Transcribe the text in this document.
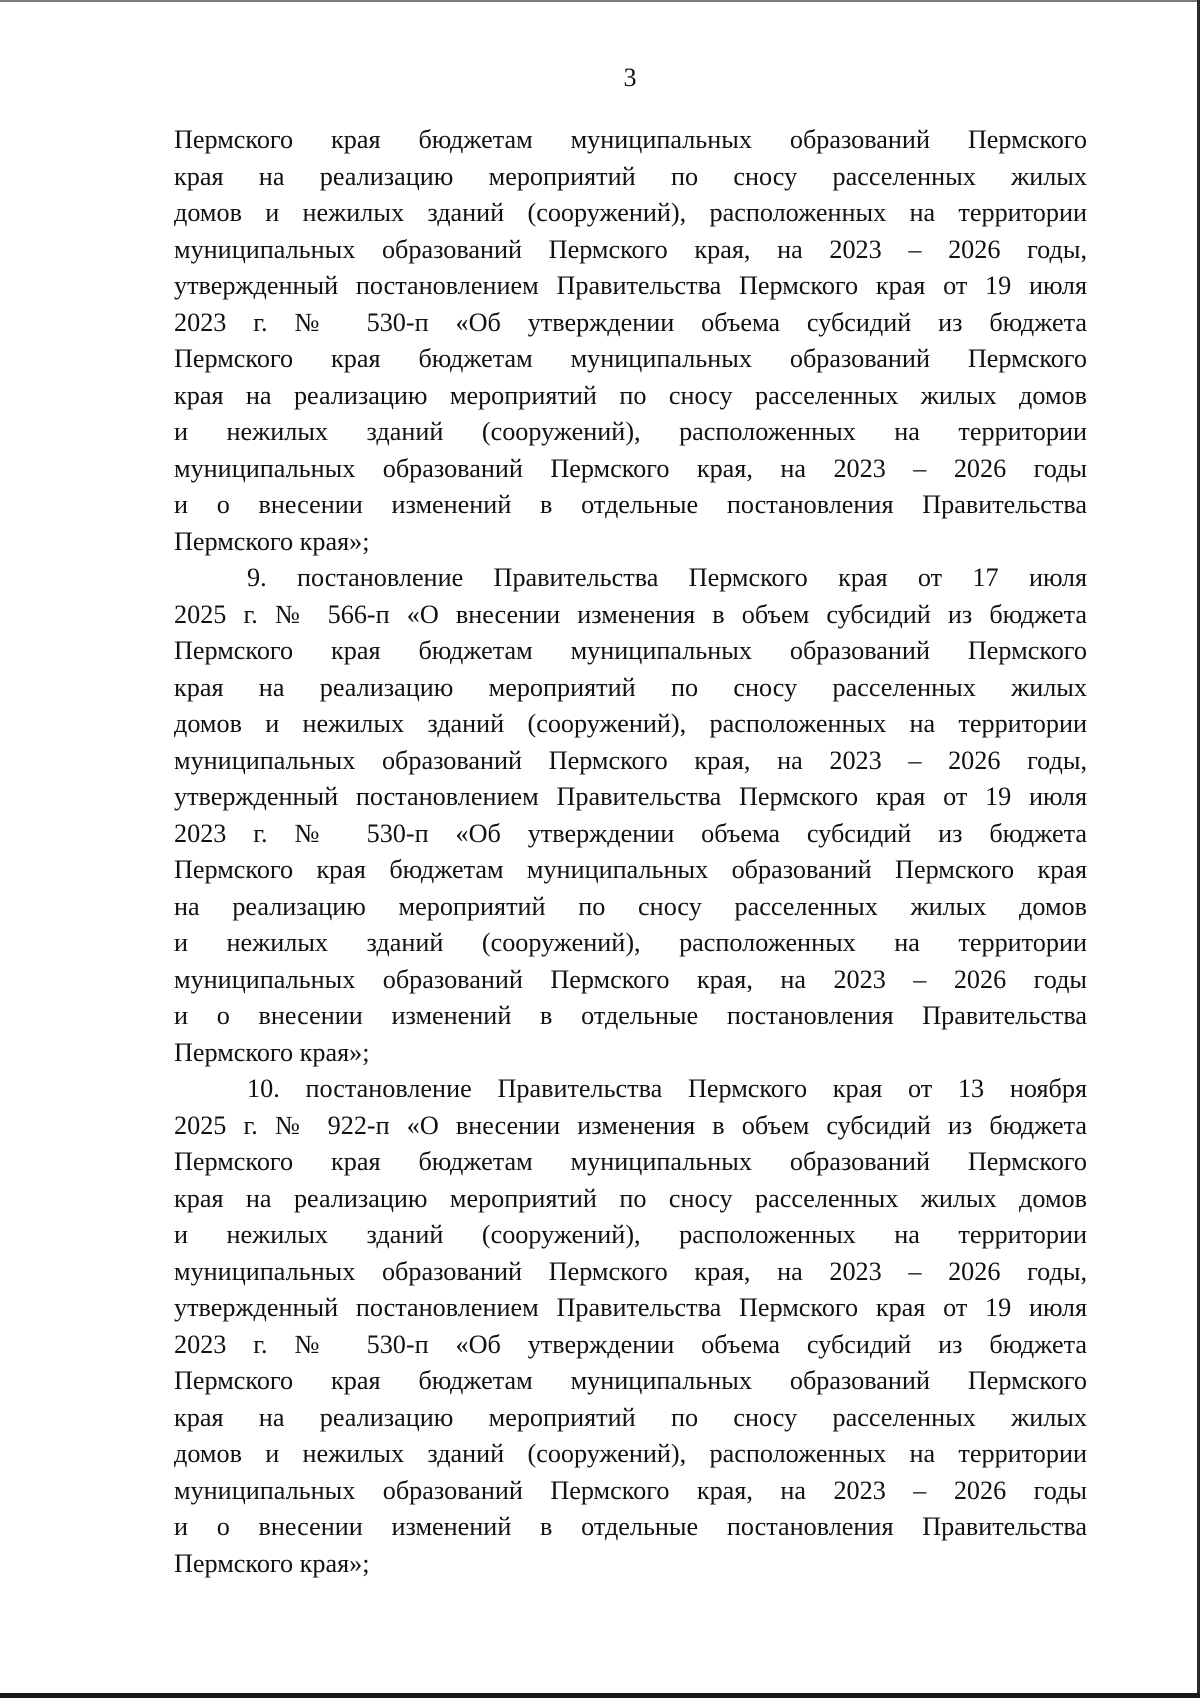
3
Пермского края бюджетам муниципальных образований Пермского
края на реализацию мероприятий по сносу расселенных жилых
домов и нежилых зданий (сооружений), расположенных на территории
муниципальных образований Пермского края, на 2023 – 2026 годы,
утвержденный постановлением Правительства Пермского края от 19 июля
2023 г. № 530-п «Об утверждении объема субсидий из бюджета
Пермского края бюджетам муниципальных образований Пермского
края на реализацию мероприятий по сносу расселенных жилых домов
и нежилых зданий (сооружений), расположенных на территории
муниципальных образований Пермского края, на 2023 – 2026 годы
и о внесении изменений в отдельные постановления Правительства
Пермского края»;
9. постановление Правительства Пермского края от 17 июля
2025 г. № 566-п «О внесении изменения в объем субсидий из бюджета
Пермского края бюджетам муниципальных образований Пермского
края на реализацию мероприятий по сносу расселенных жилых
домов и нежилых зданий (сооружений), расположенных на территории
муниципальных образований Пермского края, на 2023 – 2026 годы,
утвержденный постановлением Правительства Пермского края от 19 июля
2023 г. № 530-п «Об утверждении объема субсидий из бюджета
Пермского края бюджетам муниципальных образований Пермского края
на реализацию мероприятий по сносу расселенных жилых домов
и нежилых зданий (сооружений), расположенных на территории
муниципальных образований Пермского края, на 2023 – 2026 годы
и о внесении изменений в отдельные постановления Правительства
Пермского края»;
10. постановление Правительства Пермского края от 13 ноября
2025 г. № 922-п «О внесении изменения в объем субсидий из бюджета
Пермского края бюджетам муниципальных образований Пермского
края на реализацию мероприятий по сносу расселенных жилых домов
и нежилых зданий (сооружений), расположенных на территории
муниципальных образований Пермского края, на 2023 – 2026 годы,
утвержденный постановлением Правительства Пермского края от 19 июля
2023 г. № 530-п «Об утверждении объема субсидий из бюджета
Пермского края бюджетам муниципальных образований Пермского
края на реализацию мероприятий по сносу расселенных жилых
домов и нежилых зданий (сооружений), расположенных на территории
муниципальных образований Пермского края, на 2023 – 2026 годы
и о внесении изменений в отдельные постановления Правительства
Пермского края»;
